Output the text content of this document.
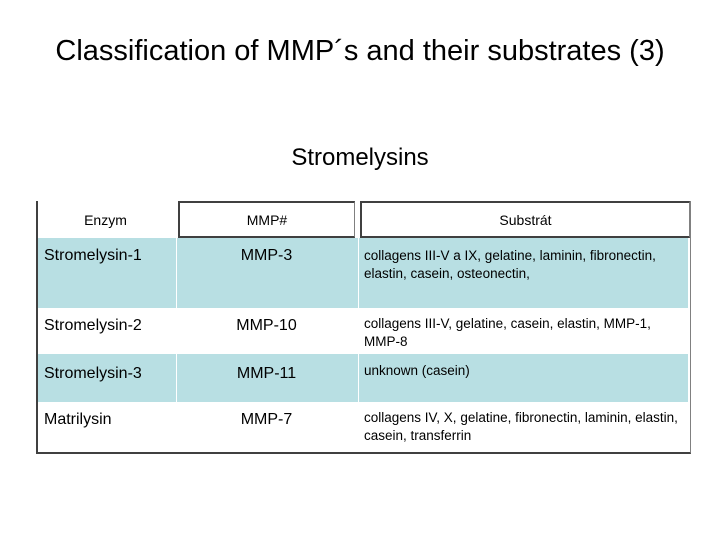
Classification of MMP´s and their substrates (3)
Stromelysins
Enzym	MMP#	Substrát
Stromelysin-1	MMP-3	collagens III-V a IX, gelatine, laminin, fibronectin, elastin, casein, osteonectin,
Stromelysin-2	MMP-10	collagens III-V, gelatine, casein, elastin, MMP-1, MMP-8
Stromelysin-3	MMP-11	unknown (casein)
Matrilysin	MMP-7	collagens IV, X, gelatine, fibronectin, laminin, elastin, casein, transferrin
